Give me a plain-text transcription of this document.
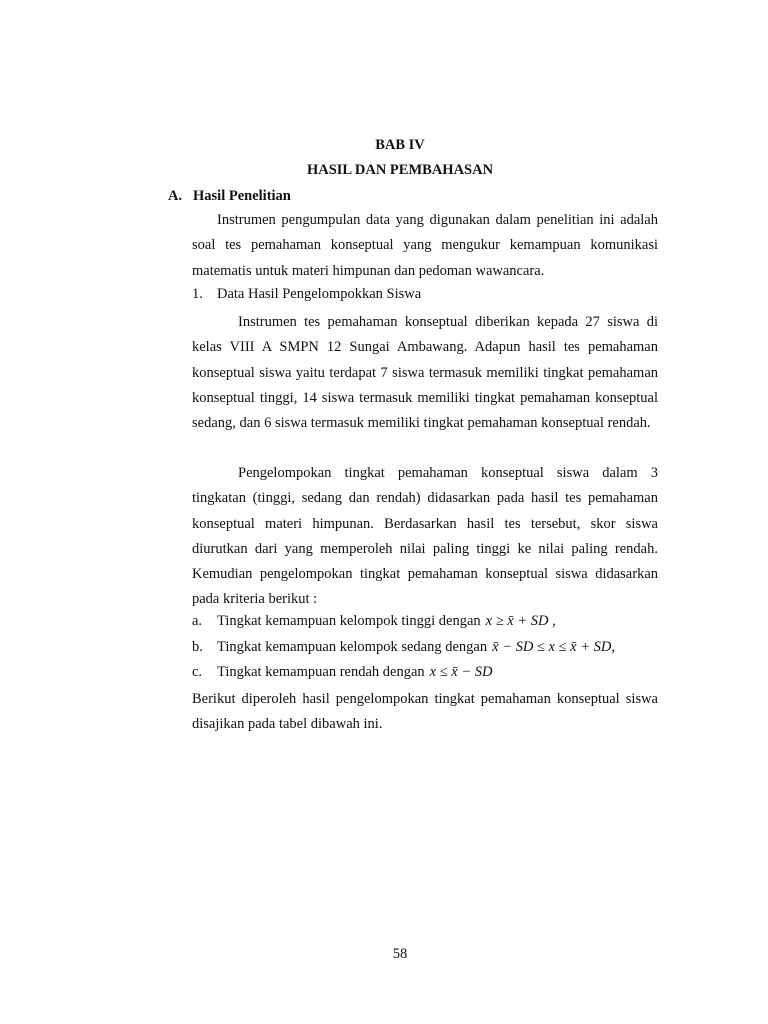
BAB IV
HASIL DAN PEMBAHASAN
A. Hasil Penelitian

Instrumen pengumpulan data yang digunakan dalam penelitian ini adalah soal tes pemahaman konseptual yang mengukur kemampuan komunikasi matematis untuk materi himpunan dan pedoman wawancara.

1. Data Hasil Pengelompokkan Siswa

Instrumen tes pemahaman konseptual diberikan kepada 27 siswa di kelas VIII A SMPN 12 Sungai Ambawang. Adapun hasil tes pemahaman konseptual siswa yaitu terdapat 7 siswa termasuk memiliki tingkat pemahaman konseptual tinggi, 14 siswa termasuk memiliki tingkat pemahaman konseptual sedang, dan 6 siswa termasuk memiliki tingkat pemahaman konseptual rendah.

Pengelompokan tingkat pemahaman konseptual siswa dalam 3 tingkatan (tinggi, sedang dan rendah) didasarkan pada hasil tes pemahaman konseptual materi himpunan. Berdasarkan hasil tes tersebut, skor siswa diurutkan dari yang memperoleh nilai paling tinggi ke nilai paling rendah. Kemudian pengelompokan tingkat pemahaman konseptual siswa didasarkan pada kriteria berikut :

a. Tingkat kemampuan kelompok tinggi dengan x ≥ x̄ + SD ,
b. Tingkat kemampuan kelompok sedang dengan x̄ − SD ≤ x ≤ x̄ + SD,
c. Tingkat kemampuan rendah dengan x ≤ x̄ − SD

Berikut diperoleh hasil pengelompokan tingkat pemahaman konseptual siswa disajikan pada tabel dibawah ini.

58
